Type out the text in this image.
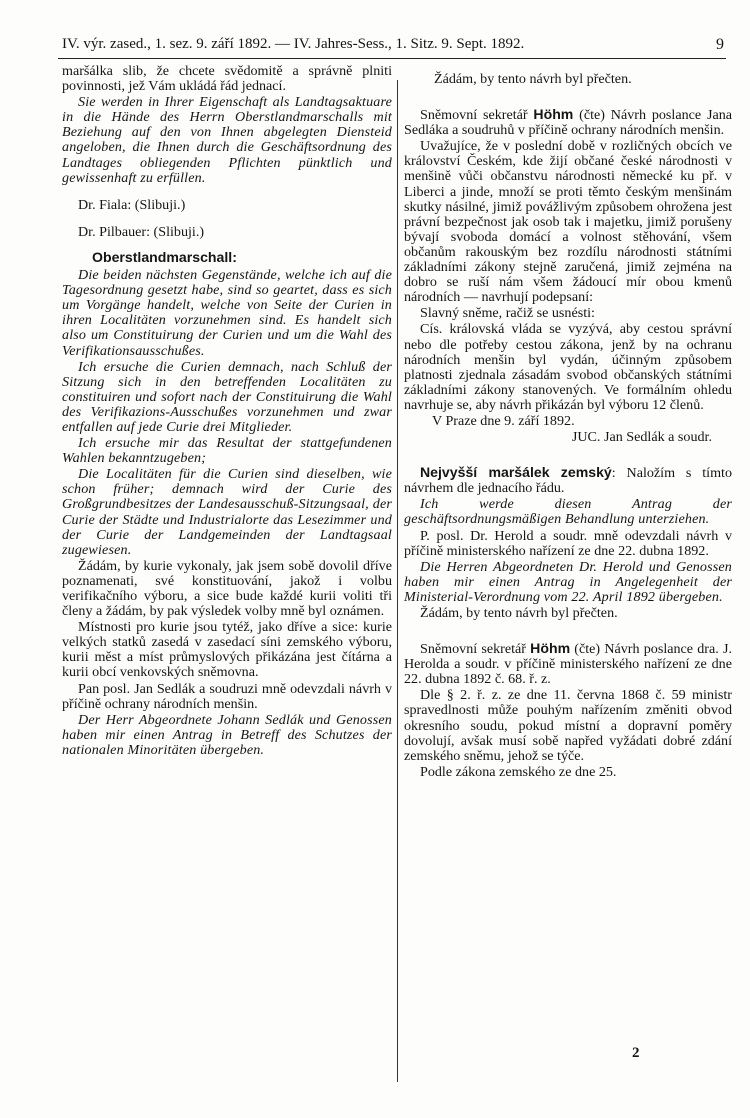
IV. výr. zased., 1. sez. 9. září 1892. — IV. Jahres-Sess., 1. Sitz. 9. Sept. 1892.	9

maršálka slib, že chcete svědomitě a správně plniti povinnosti, jež Vám ukládá řád jednací.

Sie werden in Ihrer Eigenschaft als Landtagsaktuare in die Hände des Herrn Oberstlandmarschalls mit Beziehung auf den von Ihnen abgelegten Diensteid angeloben, die Ihnen durch die Geschäftsordnung des Landtages obliegenden Pflichten pünktlich und gewissenhaft zu erfüllen.

Dr. Fiala: (Slibuji.)

Dr. Pilbauer: (Slibuji.)

Oberstlandmarschall:

Die beiden nächsten Gegenstände, welche ich auf die Tagesordnung gesetzt habe, sind so geartet, dass es sich um Vorgänge handelt, welche von Seite der Curien in ihren Localitäten vorzunehmen sind. Es handelt sich also um Constituirung der Curien und um die Wahl des Verifikationsausschußes.

Ich ersuche die Curien demnach, nach Schluß der Sitzung sich in den betreffenden Localitäten zu constituiren und sofort nach der Constituirung die Wahl des Verifikazions-Ausschußes vorzunehmen und zwar entfallen auf jede Curie drei Mitglieder.

Ich ersuche mir das Resultat der stattgefundenen Wahlen bekanntzugeben;

Die Localitäten für die Curien sind dieselben, wie schon früher; demnach wird der Curie des Großgrundbesitzes der Landesausschuß-Sitzungsaal, der Curie der Städte und Industrialorte das Lesezimmer und der Curie der Landgemeinden der Landtagsaal zugewiesen.

Žádám, by kurie vykonaly, jak jsem sobě dovolil dříve poznamenati, své konstituování, jakož i volbu verifikačního výboru, a sice bude každé kurii voliti tři členy a žádám, by pak výsledek volby mně byl oznámen.

Místnosti pro kurie jsou tytéž, jako dříve a sice: kurie velkých statků zasedá v zasedací síni zemského výboru, kurii měst a míst průmyslových přikázána jest čítárna a kurii obcí venkovských sněmovna.

Pan posl. Jan Sedlák a soudruzi mně odevzdali návrh v příčině ochrany národních menšin.

Der Herr Abgeordnete Johann Sedlák und Genossen haben mir einen Antrag in Betreff des Schutzes der nationalen Minoritäten übergeben.

Žádám, by tento návrh byl přečten.

Sněmovní sekretář Höhm (čte) Návrh poslance Jana Sedláka a soudruhů v příčině ochrany národních menšin.

Uvažujíce, že v poslední době v rozličných obcích ve království Českém, kde žijí občané české národnosti v menšině vůči občanstvu národnosti německé ku př. v Liberci a jinde, množí se proti těmto českým menšinám skutky násilné, jimiž povážlivým způsobem ohrožena jest právní bezpečnost jak osob tak i majetku, jimiž porušeny bývají svoboda domácí a volnost stěhování, všem občanům rakouským bez rozdílu národnosti státními základními zákony stejně zaručená, jimiž zejména na dobro se ruší nám všem žádoucí mír obou kmenů národních — navrhují podepsaní:

Slavný sněme, račiž se usnésti:

Cís. královská vláda se vyzývá, aby cestou správní nebo dle potřeby cestou zákona, jenž by na ochranu národních menšin byl vydán, účinným způsobem platnosti zjednala zásadám svobod občanských státními základními zákony stanovených. Ve formálním ohledu navrhuje se, aby návrh přikázán byl výboru 12 členů.

V Praze dne 9. září 1892.

JUC. Jan Sedlák a soudr.

Nejvyšší maršálek zemský: Naložím s tímto návrhem dle jednacího řádu.

Ich werde diesen Antrag der geschäftsordnungsmäßigen Behandlung unterziehen.

P. posl. Dr. Herold a soudr. mně odevzdali návrh v příčině ministerského nařízení ze dne 22. dubna 1892.

Die Herren Abgeordneten Dr. Herold und Genossen haben mir einen Antrag in Angelegenheit der Ministerial-Verordnung vom 22. April 1892 übergeben.

Žádám, by tento návrh byl přečten.

Sněmovní sekretář Höhm (čte) Návrh poslance dra. J. Herolda a soudr. v příčině ministerského nařízení ze dne 22. dubna 1892 č. 68. ř. z.

Dle § 2. ř. z. ze dne 11. června 1868 č. 59 ministr spravedlnosti může pouhým nařízením změniti obvod okresního soudu, pokud místní a dopravní poměry dovolují, avšak musí sobě napřed vyžádati dobré zdání zemského sněmu, jehož se týče.

Podle zákona zemského ze dne 25.

2
